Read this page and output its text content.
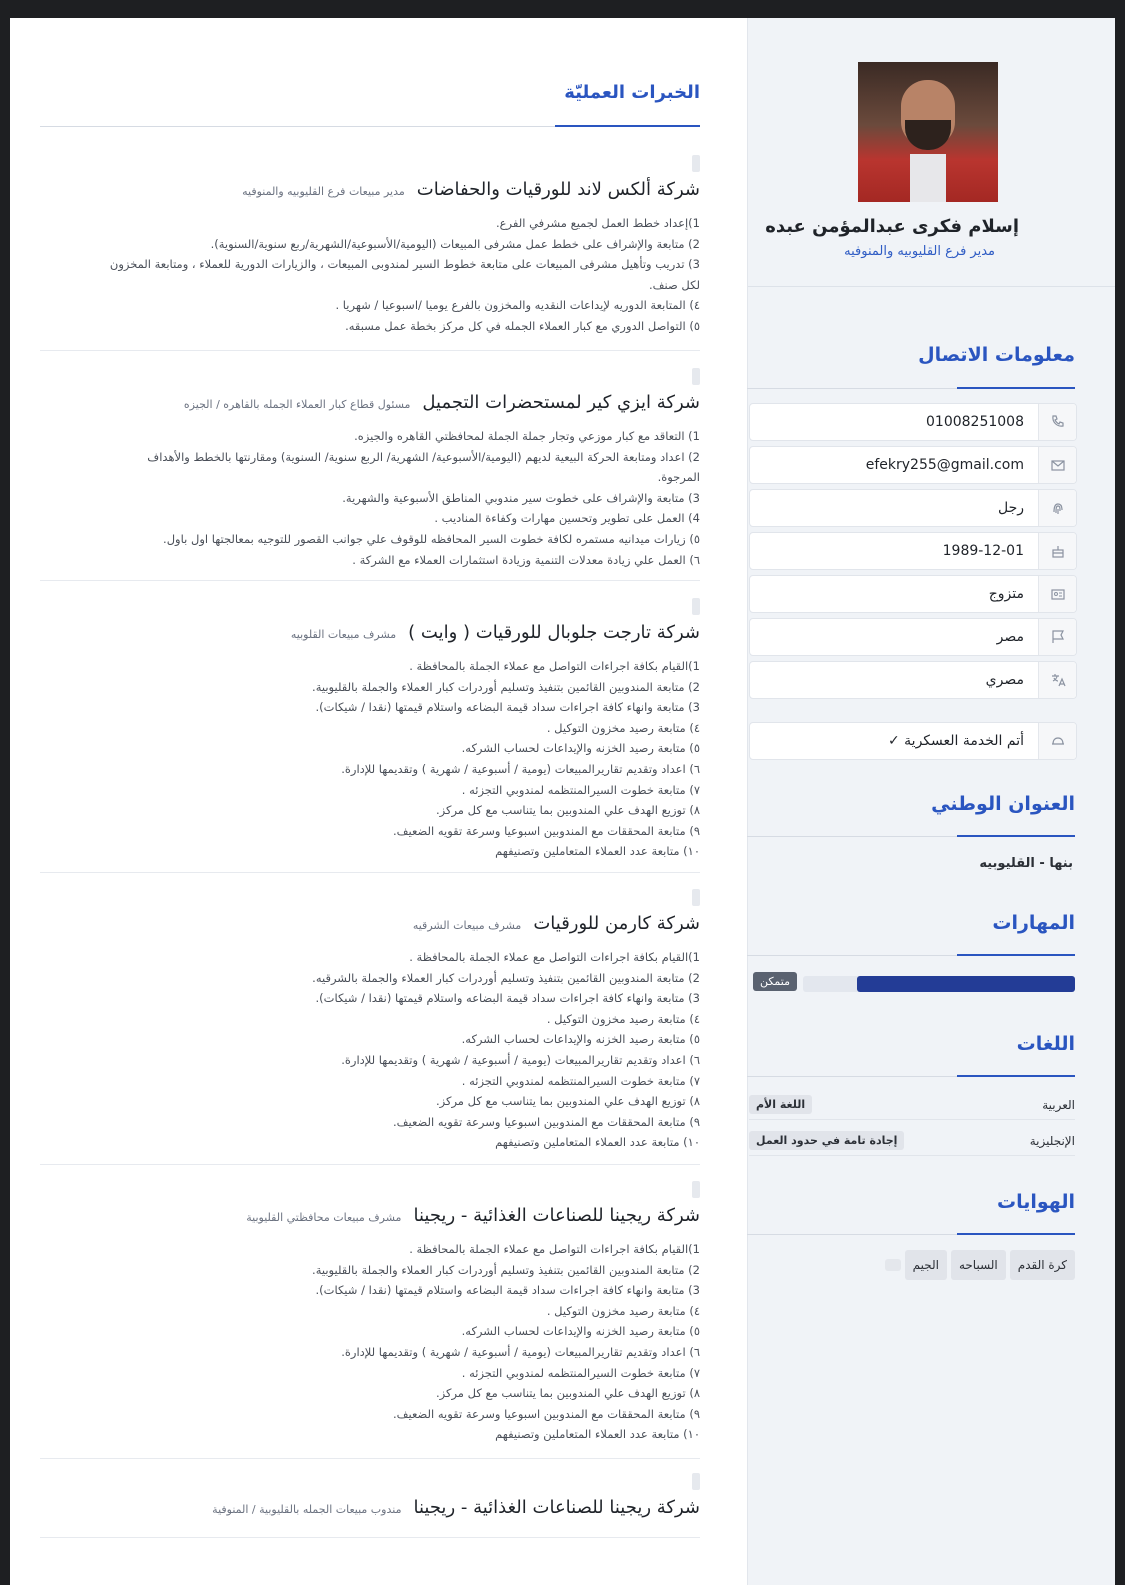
الخبرات العمليّة
شركة ألكس لاند للورقيات والحفاضات
مدير مبيعات فرع القليوبيه والمنوفيه
1)إعداد خطط العمل لجميع مشرفي الفرع.
2) متابعة والإشراف على خطط عمل مشرفى المبيعات (اليومية/الأسبوعية/الشهرية/ربع سنوية/السنوية).
3) تدريب وتأهيل مشرفى المبيعات على متابعة خطوط السير لمندوبى المبيعات ، والزيارات الدورية للعملاء ، ومتابعة المخزون
لكل صنف.
٤) المتابعة الدوريه لإيداعات النقديه والمخزون بالفرع يوميا /اسبوعيا / شهريا .
٥) التواصل الدوري مع كبار العملاء الجمله في كل مركز بخطة عمل مسبقه.
شركة ايزي كير لمستحضرات التجميل
مسئول قطاع كبار العملاء الجمله بالقاهره / الجيزه
1) التعاقد مع كبار موزعي وتجار جملة الجملة لمحافظتي القاهره والجيزه.
2) اعداد ومتابعة الحركة البيعية لديهم (اليومية/الأسبوعية/ الشهرية/ الربع سنوية/ السنوية) ومقارنتها بالخطط والأهداف
المرجوة.
3) متابعة والإشراف على خطوت سير مندوبي المناطق الأسبوعية والشهرية.
4) العمل على تطوير وتحسين مهارات وكفاءة المناديب .
٥) زيارات ميدانيه مستمره لكافة خطوت السير المحافظه للوقوف علي جوانب القصور للتوجيه بمعالجتها اول باول.
٦) العمل علي زيادة معدلات التنمية وزيادة استثمارات العملاء مع الشركة .
شركة تارجت جلوبال للورقيات ( وايت )
مشرف مبيعات القلوبيه
1)القيام بكافة اجراءات التواصل مع عملاء الجملة بالمحافظة .
2) متابعة المندوبين القائمين بتنفيذ وتسليم أوردرات كبار العملاء والجملة بالقليوبية.
3) متابعة وانهاء كافة اجراءات سداد قيمة البضاعه واستلام قيمتها (نقدا / شيكات).
٤) متابعة رصيد مخزون التوكيل .
٥) متابعة رصيد الخزنه والإيداعات لحساب الشركه.
٦) اعداد وتقديم تقاريرالمبيعات (يومية / أسبوعية / شهرية ) وتقديمها للإدارة.
٧) متابعة خطوت السيرالمنتظمه لمندوبي التجزئه .
٨) توزيع الهدف علي المندوبين بما يتناسب مع كل مركز.
٩) متابعة المحققات مع المندوبين اسبوعيا وسرعة تقويه الضعيف.
١٠) متابعة عدد العملاء المتعاملين وتصنيفهم
شركة كارمن للورقيات
مشرف مبيعات الشرقيه
1)القيام بكافة اجراءات التواصل مع عملاء الجملة بالمحافظة .
2) متابعة المندوبين القائمين بتنفيذ وتسليم أوردرات كبار العملاء والجملة بالشرقيه.
3) متابعة وانهاء كافة اجراءات سداد قيمة البضاعه واستلام قيمتها (نقدا / شيكات).
٤) متابعة رصيد مخزون التوكيل .
٥) متابعة رصيد الخزنه والإيداعات لحساب الشركه.
٦) اعداد وتقديم تقاريرالمبيعات (يومية / أسبوعية / شهرية ) وتقديمها للإدارة.
٧) متابعة خطوت السيرالمنتظمه لمندوبي التجزئه .
٨) توزيع الهدف علي المندوبين بما يتناسب مع كل مركز.
٩) متابعة المحققات مع المندوبين اسبوعيا وسرعة تقويه الضعيف.
١٠) متابعة عدد العملاء المتعاملين وتصنيفهم
شركة ريجينا للصناعات الغذائية - ريجينا
مشرف مبيعات محافظتي القليوبية
1)القيام بكافة اجراءات التواصل مع عملاء الجملة بالمحافظة .
2) متابعة المندوبين القائمين بتنفيذ وتسليم أوردرات كبار العملاء والجملة بالقليوبية.
3) متابعة وانهاء كافة اجراءات سداد قيمة البضاعه واستلام قيمتها (نقدا / شيكات).
٤) متابعة رصيد مخزون التوكيل .
٥) متابعة رصيد الخزنه والإيداعات لحساب الشركه.
٦) اعداد وتقديم تقاريرالمبيعات (يومية / أسبوعية / شهرية ) وتقديمها للإدارة.
٧) متابعة خطوت السيرالمنتظمه لمندوبي التجزئه .
٨) توزيع الهدف علي المندوبين بما يتناسب مع كل مركز.
٩) متابعة المحققات مع المندوبين اسبوعيا وسرعة تقويه الضعيف.
١٠) متابعة عدد العملاء المتعاملين وتصنيفهم
شركة ريجينا للصناعات الغذائية - ريجينا
مندوب مبيعات الجمله بالقليوبية / المنوفية
إسلام فكرى عبدالمؤمن عبده
مدير فرع القليوبيه والمنوفيه
معلومات الاتصال
01008251008
efekry255@gmail.com
رجل
1989-12-01
متزوج
مصر
مصري
أتم الخدمة العسكرية ✓
العنوان الوطني
بنها - القليوبيه
المهارات
متمكن
اللغات
العربية
اللغة الأم
الإنجليزية
إجادة تامة في حدود العمل
الهوايات
كرة القدم
السباحه
الجيم
